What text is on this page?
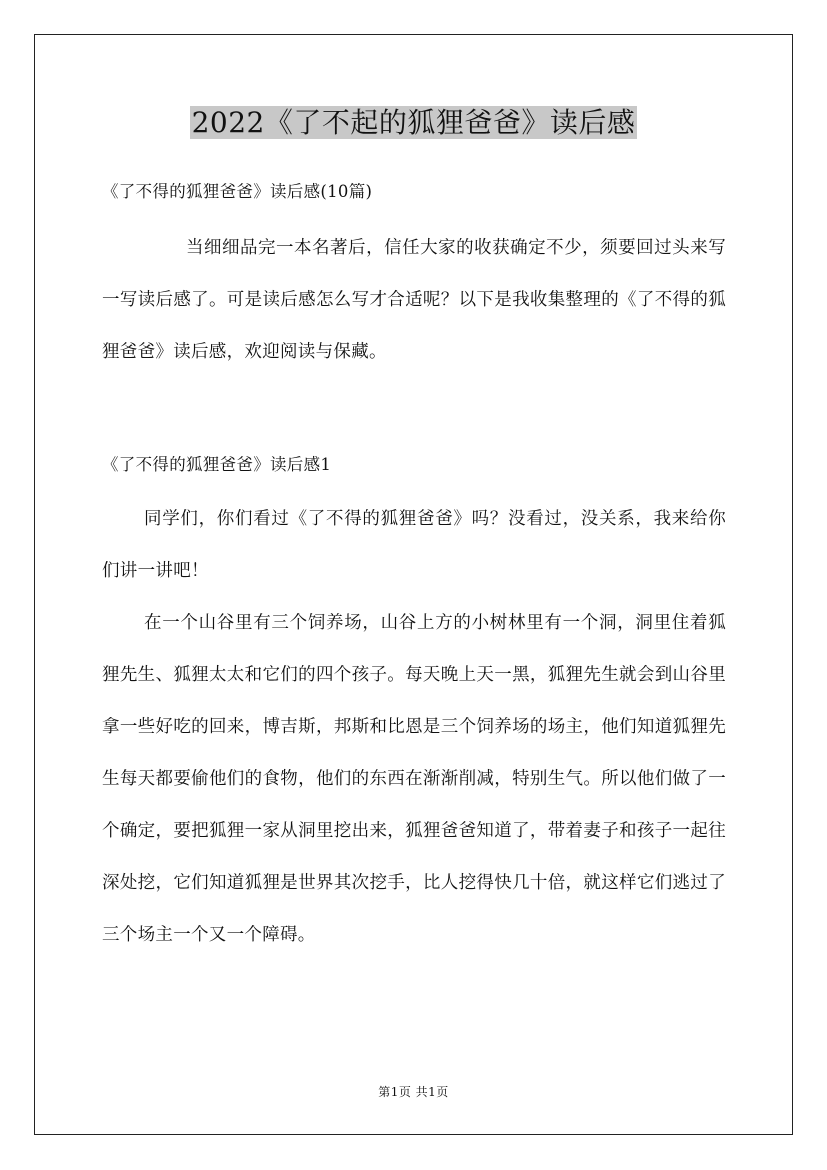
2022《了不起的狐狸爸爸》读后感
《了不得的狐狸爸爸》读后感(10篇)
当细细品完一本名著后，信任大家的收获确定不少，须要回过头来写一写读后感了。可是读后感怎么写才合适呢？以下是我收集整理的《了不得的狐狸爸爸》读后感，欢迎阅读与保藏。
《了不得的狐狸爸爸》读后感1

同学们，你们看过《了不得的狐狸爸爸》吗？没看过，没关系，我来给你们讲一讲吧！

在一个山谷里有三个饲养场，山谷上方的小树林里有一个洞，洞里住着狐狸先生、狐狸太太和它们的四个孩子。每天晚上天一黑，狐狸先生就会到山谷里拿一些好吃的回来，博吉斯，邦斯和比恩是三个饲养场的场主，他们知道狐狸先生每天都要偷他们的食物，他们的东西在渐渐削减，特别生气。所以他们做了一个确定，要把狐狸一家从洞里挖出来，狐狸爸爸知道了，带着妻子和孩子一起往深处挖，它们知道狐狸是世界其次挖手，比人挖得快几十倍，就这样它们逃过了三个场主一个又一个障碍。

第1页 共1页
